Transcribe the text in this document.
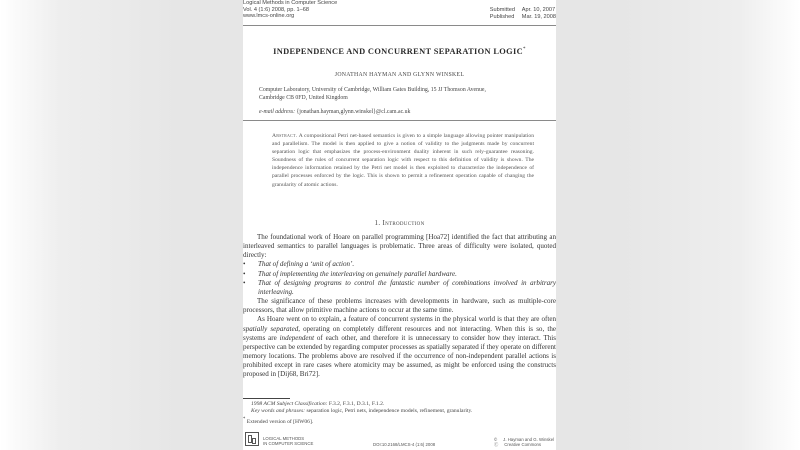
Logical Methods in Computer Science
Vol. 4 (1:6) 2008, pp. 1–68
www.lmcs-online.org
Submitted Apr. 10, 2007
Published Mar. 19, 2008
INDEPENDENCE AND CONCURRENT SEPARATION LOGIC*
JONATHAN HAYMAN AND GLYNN WINSKEL
Computer Laboratory, University of Cambridge, William Gates Building, 15 JJ Thomson Avenue,
Cambridge CB 0FD, United Kingdom
e-mail address: {jonathan.hayman,glynn.winskel}@cl.cam.ac.uk
Abstract. A compositional Petri net-based semantics is given to a simple language allowing pointer manipulation and parallelism. The model is then applied to give a notion of validity to the judgments made by concurrent separation logic that emphasizes the process-environment duality inherent in such rely-guarantee reasoning. Soundness of the rules of concurrent separation logic with respect to this definition of validity is shown. The independence information retained by the Petri net model is then exploited to characterize the independence of parallel processes enforced by the logic. This is shown to permit a refinement operation capable of changing the granularity of atomic actions.
1. Introduction

The foundational work of Hoare on parallel programming [Hoa72] identified the fact that attributing an interleaved semantics to parallel languages is problematic. Three areas of difficulty were isolated, quoted directly:

• That of defining a ‘unit of action’.
• That of implementing the interleaving on genuinely parallel hardware.
• That of designing programs to control the fantastic number of combinations involved in arbitrary interleaving.

The significance of these problems increases with developments in hardware, such as multiple-core processors, that allow primitive machine actions to occur at the same time.

As Hoare went on to explain, a feature of concurrent systems in the physical world is that they are often spatially separated, operating on completely different resources and not interacting. When this is so, the systems are independent of each other, and therefore it is unnecessary to consider how they interact. This perspective can be extended by regarding computer processes as spatially separated if they operate on different memory locations. The problems above are resolved if the occurrence of non-independent parallel actions is prohibited except in rare cases where atomicity may be assumed, as might be enforced using the constructs proposed in [Dij68, Bri72].

1998 ACM Subject Classification: F.3.2, F.3.1, D.3.1, F.1.2.
Key words and phrases: separation logic, Petri nets, independence models, refinement, granularity.
* Extended version of [HW06].
LOGICAL METHODS
IN COMPUTER SCIENCE	DOI:10.2168/LMCS-4 (1:6) 2008
© J. Hayman and G. Winskel
Ⓒ Creative Commons
